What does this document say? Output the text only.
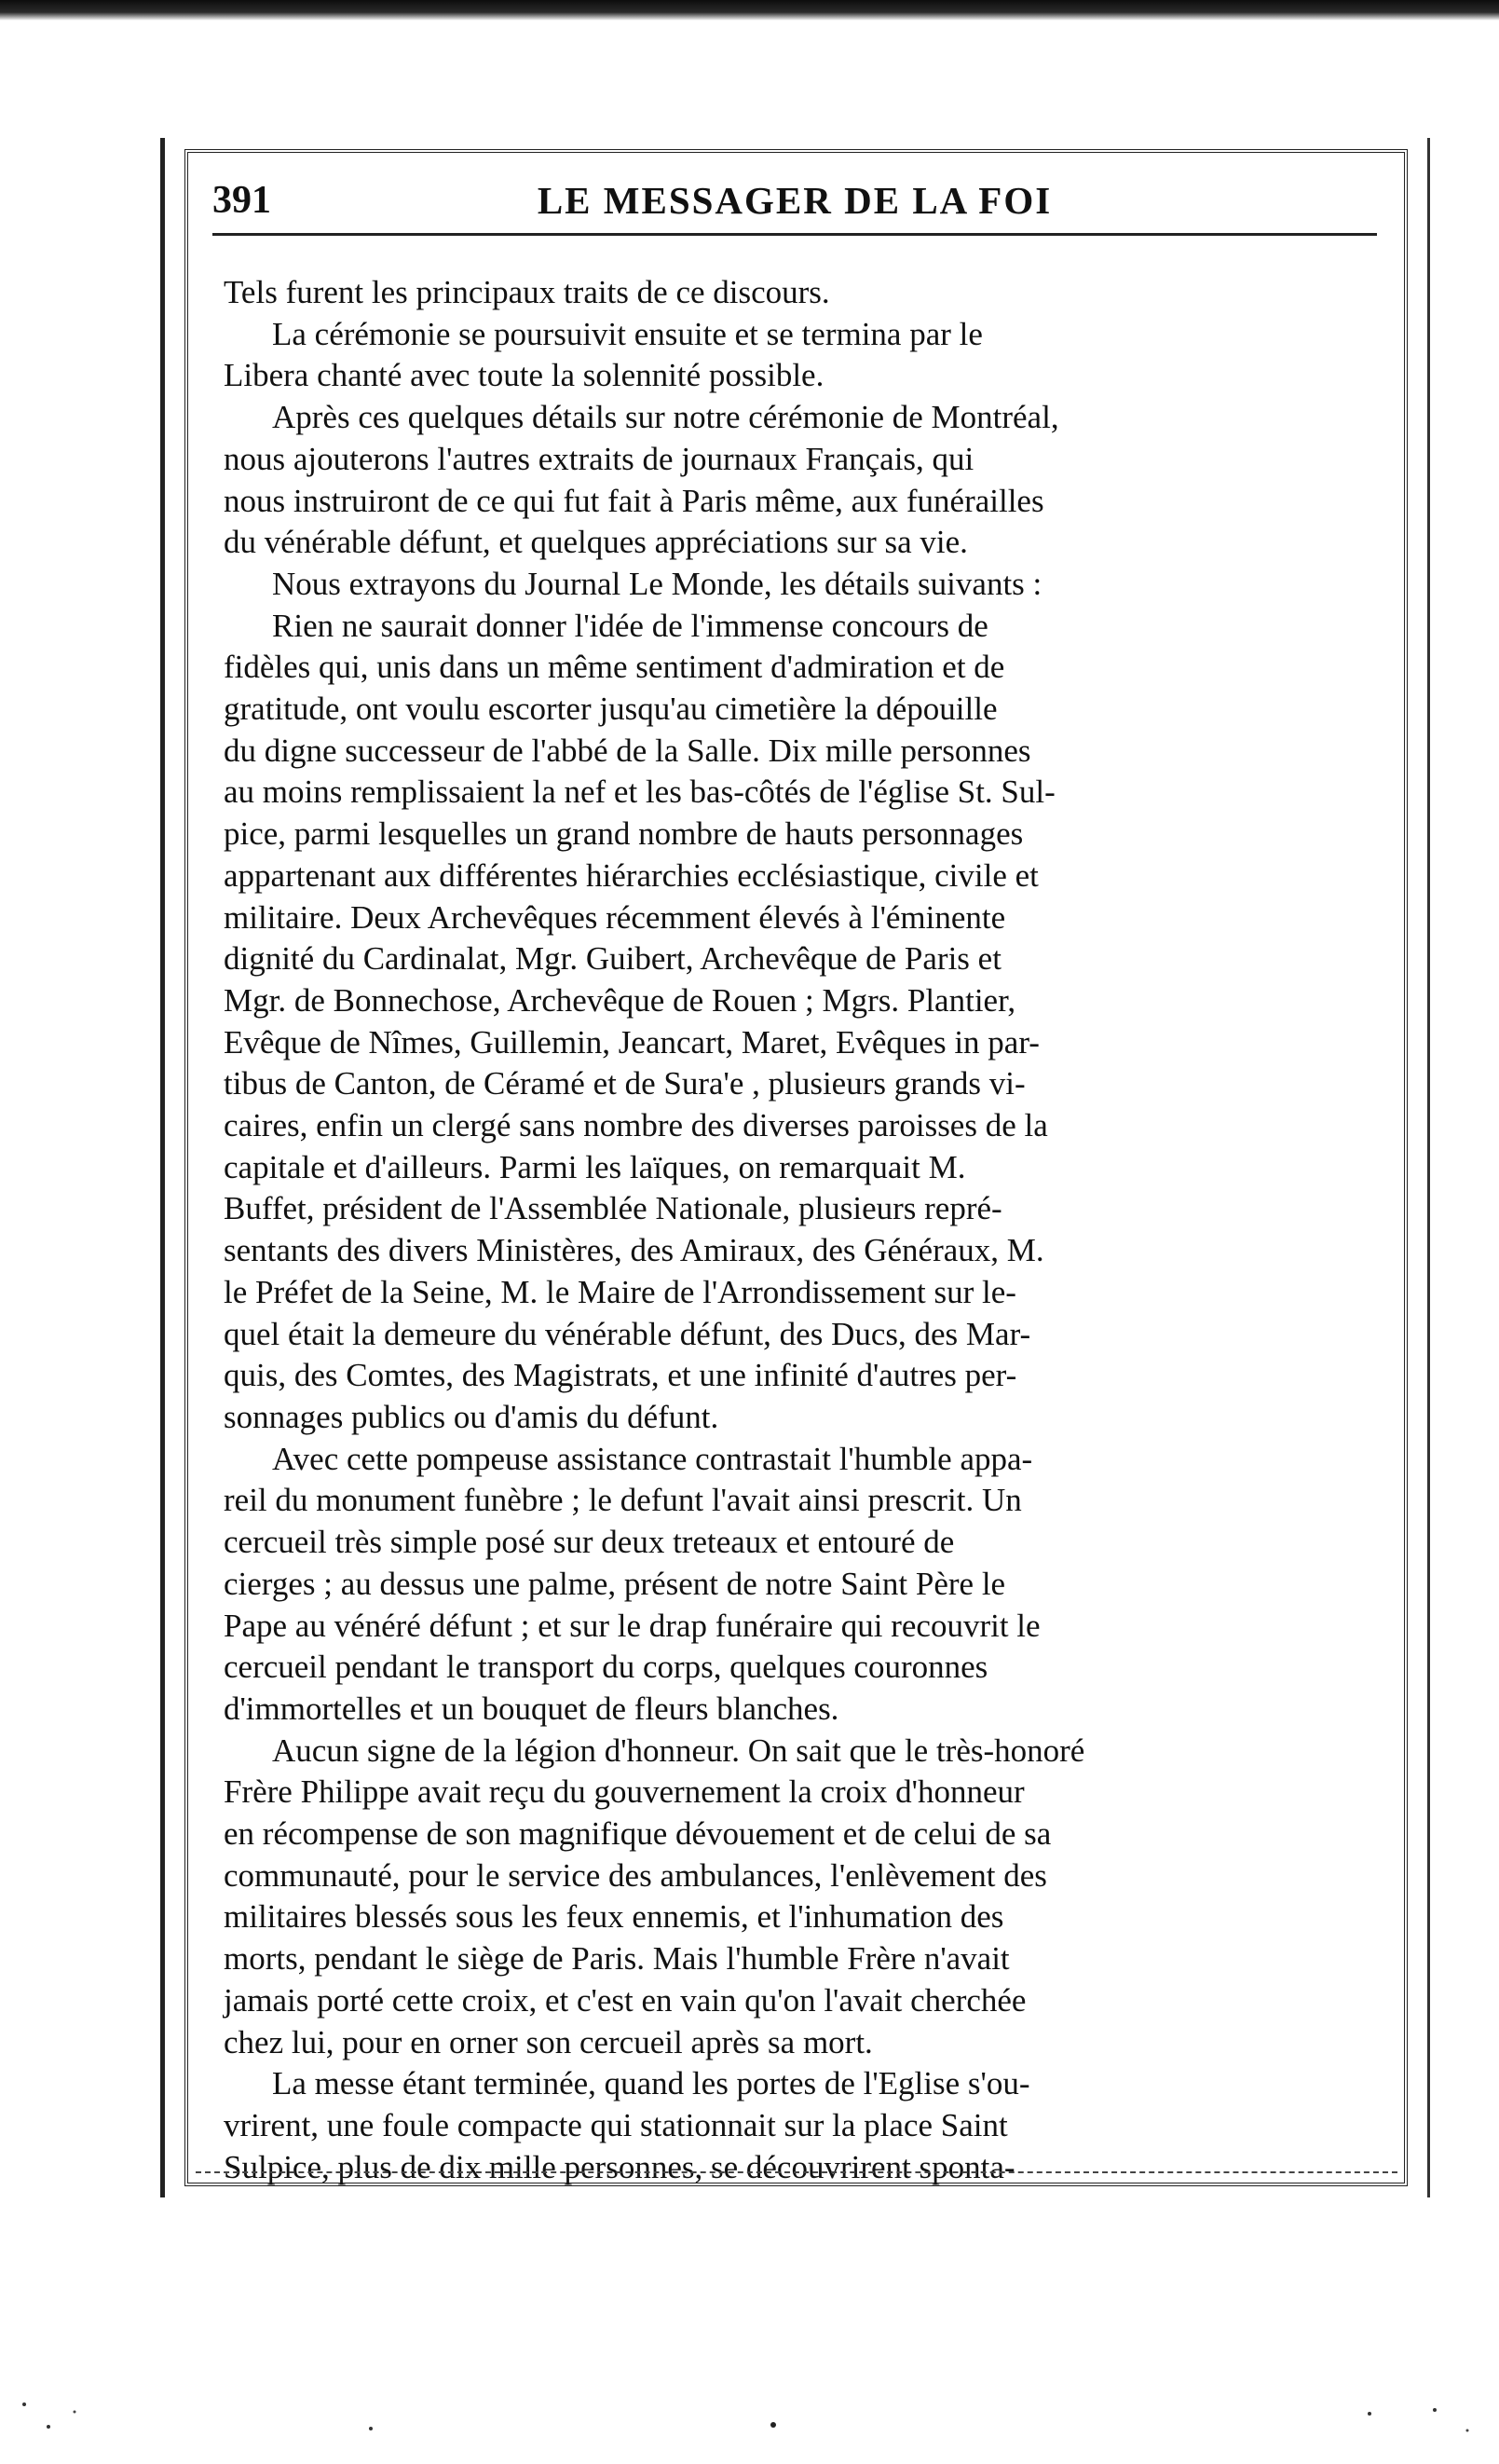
391	LE MESSAGER DE LA FOI

Tels furent les principaux traits de ce discours.

La cérémonie se poursuivit ensuite et se termina par le

Libera chanté avec toute la solennité possible.

Après ces quelques détails sur notre cérémonie de Montréal,

nous ajouterons l'autres extraits de journaux Français, qui

nous instruiront de ce qui fut fait à Paris même, aux funérailles

du vénérable défunt, et quelques appréciations sur sa vie.

Nous extrayons du Journal Le Monde, les détails suivants :

Rien ne saurait donner l'idée de l'immense concours de

fidèles qui, unis dans un même sentiment d'admiration et de

gratitude, ont voulu escorter jusqu'au cimetière la dépouille

du digne successeur de l'abbé de la Salle. Dix mille personnes

au moins remplissaient la nef et les bas-côtés de l'église St. Sul-

pice, parmi lesquelles un grand nombre de hauts personnages

appartenant aux différentes hiérarchies ecclésiastique, civile et

militaire. Deux Archevêques récemment élevés à l'éminente

dignité du Cardinalat, Mgr. Guibert, Archevêque de Paris et

Mgr. de Bonnechose, Archevêque de Rouen ; Mgrs. Plantier,

Evêque de Nîmes, Guillemin, Jeancart, Maret, Evêques in par-

tibus de Canton, de Céramé et de Sura'e , plusieurs grands vi-

caires, enfin un clergé sans nombre des diverses paroisses de la

capitale et d'ailleurs. Parmi les laïques, on remarquait M.

Buffet, président de l'Assemblée Nationale, plusieurs repré-

sentants des divers Ministères, des Amiraux, des Généraux, M.

le Préfet de la Seine, M. le Maire de l'Arrondissement sur le-

quel était la demeure du vénérable défunt, des Ducs, des Mar-

quis, des Comtes, des Magistrats, et une infinité d'autres per-

sonnages publics ou d'amis du défunt.

Avec cette pompeuse assistance contrastait l'humble appa-

reil du monument funèbre ; le defunt l'avait ainsi prescrit. Un

cercueil très simple posé sur deux treteaux et entouré de

cierges ; au dessus une palme, présent de notre Saint Père le

Pape au vénéré défunt ; et sur le drap funéraire qui recouvrit le

cercueil pendant le transport du corps, quelques couronnes

d'immortelles et un bouquet de fleurs blanches.

Aucun signe de la légion d'honneur. On sait que le très-honoré

Frère Philippe avait reçu du gouvernement la croix d'honneur

en récompense de son magnifique dévouement et de celui de sa

communauté, pour le service des ambulances, l'enlèvement des

militaires blessés sous les feux ennemis, et l'inhumation des

morts, pendant le siège de Paris. Mais l'humble Frère n'avait

jamais porté cette croix, et c'est en vain qu'on l'avait cherchée

chez lui, pour en orner son cercueil après sa mort.

La messe étant terminée, quand les portes de l'Eglise s'ou-

vrirent, une foule compacte qui stationnait sur la place Saint

Sulpice, plus de dix mille personnes, se découvrirent sponta-
